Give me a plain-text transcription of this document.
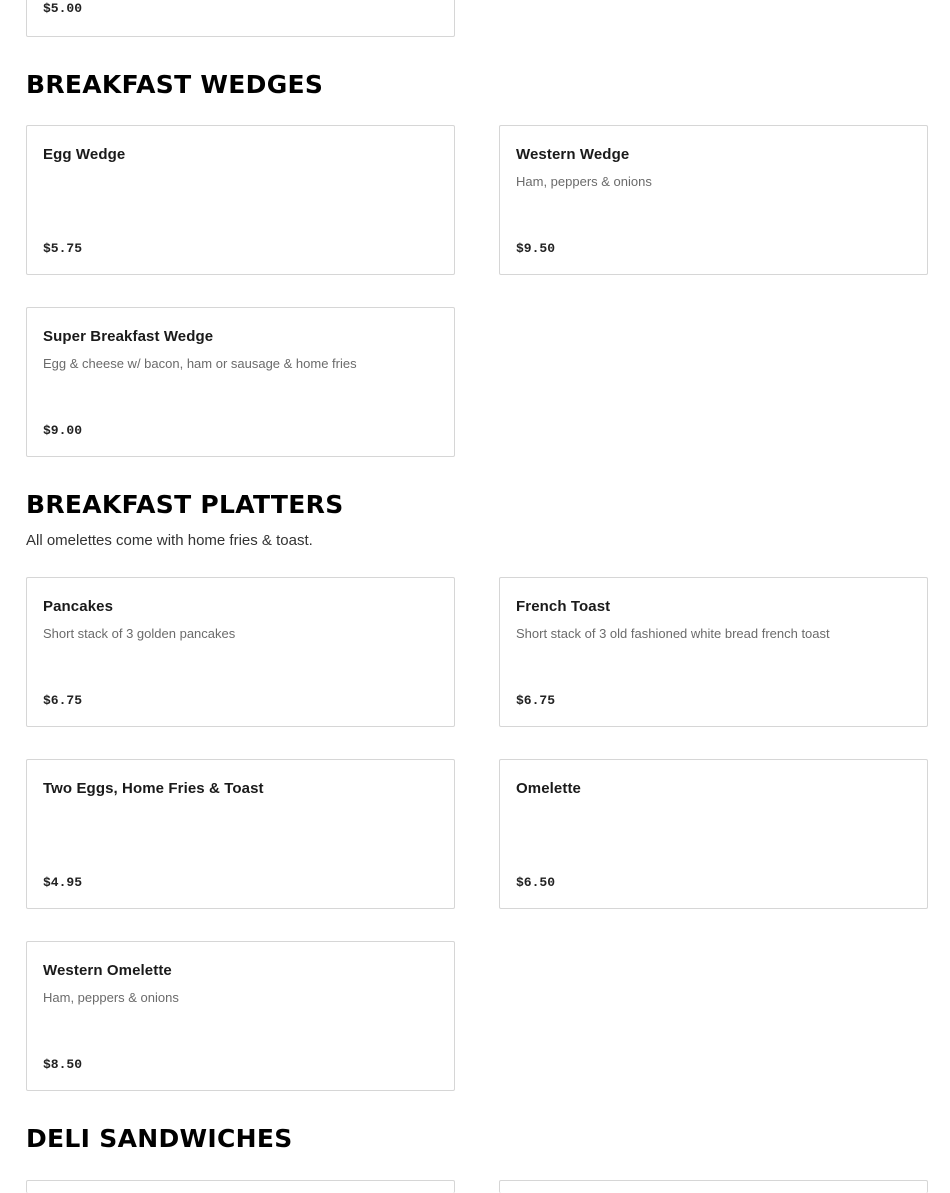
$5.00
BREAKFAST WEDGES
Egg Wedge
$5.75
Western Wedge
Ham, peppers & onions
$9.50
Super Breakfast Wedge
Egg & cheese w/ bacon, ham or sausage & home fries
$9.00
BREAKFAST PLATTERS

All omelettes come with home fries & toast.

Pancakes
Short stack of 3 golden pancakes
$6.75
French Toast
Short stack of 3 old fashioned white bread french toast
$6.75
Two Eggs, Home Fries & Toast
$4.95
Omelette
$6.50
Western Omelette
Ham, peppers & onions
$8.50
DELI SANDWICHES
